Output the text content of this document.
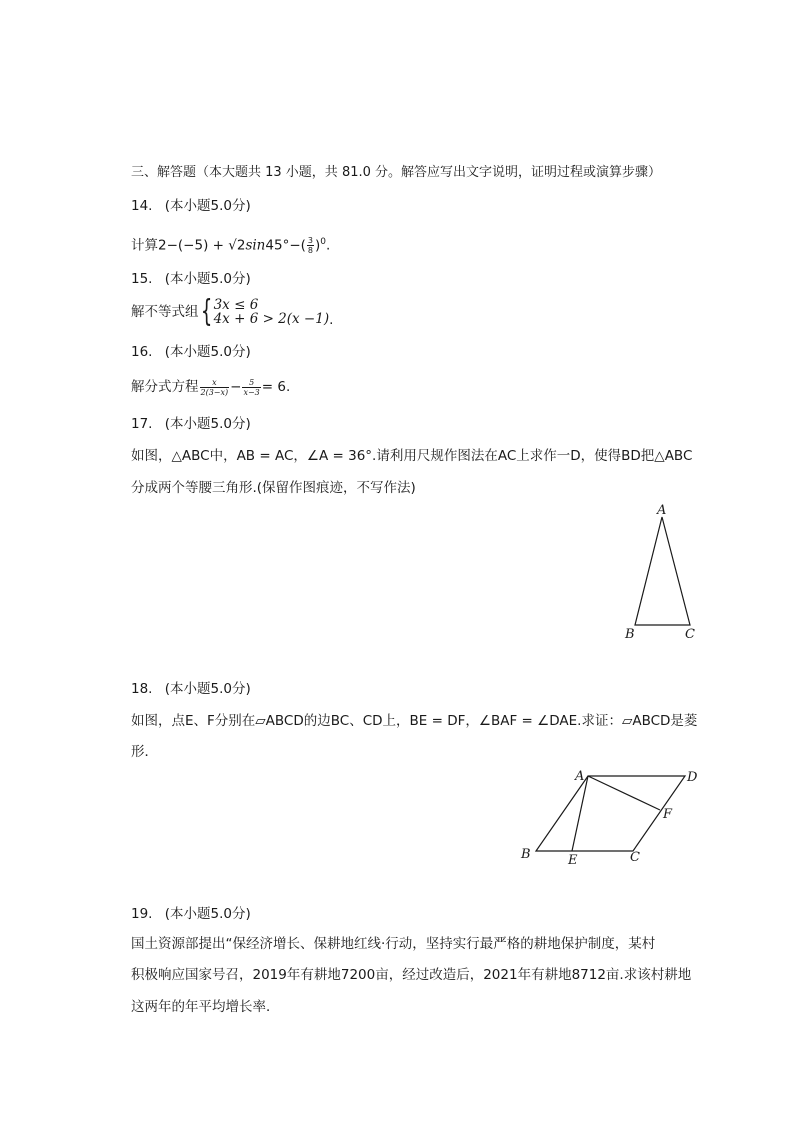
三、解答题（本大题共 13 小题，共 81.0 分。解答应写出文字说明，证明过程或演算步骤）
14. (本小题5.0分)
计算$2-(-5) + √2\sin 45^\circ-( \frac{3}{8} )^0$.
15. (本小题5.0分)
解不等式组{ 3x ≤ 6
4x + 6 > 2(x −1) .
16. (本小题5.0分)
解分式方程 $\frac{x}{2(3-x)} - \frac{5}{x-3} = 6$.
17. (本小题5.0分)
如图，△ABC中，AB = AC，∠A = 36°.请利用尺规作图法在AC上求作一D，使得BD把△ABC
分成两个等腰三角形.(保留作图痕迹，不写作法)
A
B	C
18. (本小题5.0分)
如图，点E、F分别在▱ABCD的边BC、CD上，BE = DF，∠BAF = ∠DAE.求证：▱ABCD是菱
形．
A	D
F
B	E	C
19. (本小题5.0分)
国土资源部提出“保经济增长、保耕地红线·行动，坚持实行最严格的耕地保护制度，某村
积极响应国家号召，2019年有耕地7200亩，经过改造后，2021年有耕地8712亩.求该村耕地
这两年的年平均增长率．
